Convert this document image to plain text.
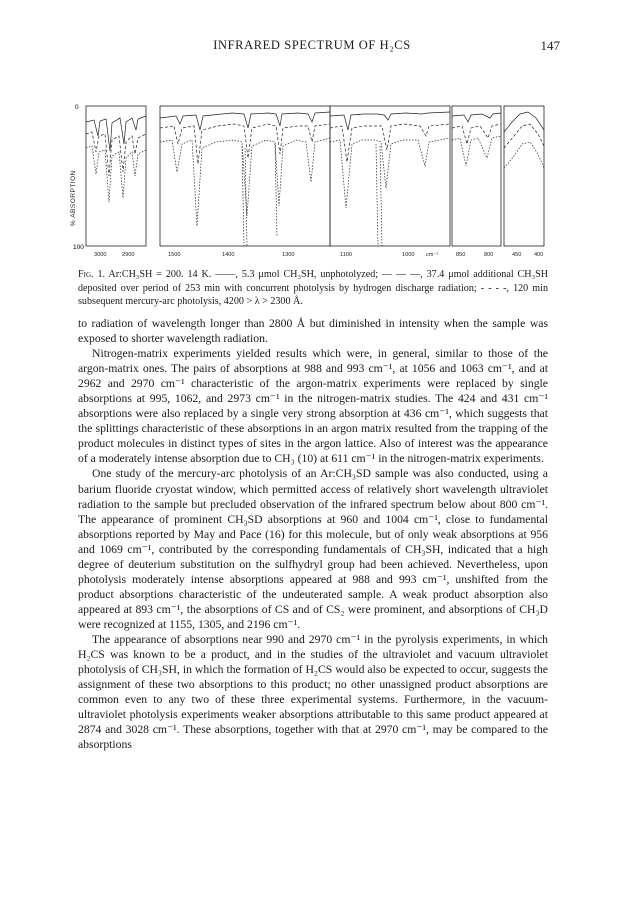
INFRARED SPECTRUM OF H₂CS	147
0
100
3000	2900	1500	1400	1300	1100	1000 cm⁻¹	850	800	450 400
% ABSORPTION
Fig. 1. Ar:CH₃SH = 200. 14 K. ——, 5.3 μmol CH₃SH, unphotolyzed; — — —, 37.4 μmol additional CH₃SH deposited over period of 253 min with concurrent photolysis by hydrogen discharge radiation; - - - -, 120 min subsequent mercury-arc photolysis, 4200 > λ > 2300 Å.

to radiation of wavelength longer than 2800 Å but diminished in intensity when the sample was exposed to shorter wavelength radiation.

Nitrogen-matrix experiments yielded results which were, in general, similar to those of the argon-matrix ones. The pairs of absorptions at 988 and 993 cm⁻¹, at 1056 and 1063 cm⁻¹, and at 2962 and 2970 cm⁻¹ characteristic of the argon-matrix experiments were replaced by single absorptions at 995, 1062, and 2973 cm⁻¹ in the nitrogen-matrix studies. The 424 and 431 cm⁻¹ absorptions were also replaced by a single very strong absorption at 436 cm⁻¹, which suggests that the splittings characteristic of these absorptions in an argon matrix resulted from the trapping of the product molecules in distinct types of sites in the argon lattice. Also of interest was the appearance of a moderately intense absorption due to CH₃ (10) at 611 cm⁻¹ in the nitrogen-matrix experiments.

One study of the mercury-arc photolysis of an Ar:CH₃SD sample was also conducted, using a barium fluoride cryostat window, which permitted access of relatively short wavelength ultraviolet radiation to the sample but precluded observation of the infrared spectrum below about 800 cm⁻¹. The appearance of prominent CH₃SD absorptions at 960 and 1004 cm⁻¹, close to fundamental absorptions reported by May and Pace (16) for this molecule, but of only weak absorptions at 956 and 1069 cm⁻¹, contributed by the corresponding fundamentals of CH₃SH, indicated that a high degree of deuterium substitution on the sulfhydryl group had been achieved. Nevertheless, upon photolysis moderately intense absorptions appeared at 988 and 993 cm⁻¹, unshifted from the product absorptions characteristic of the undeuterated sample. A weak product absorption also appeared at 893 cm⁻¹, the absorptions of CS and of CS₂ were prominent, and absorptions of CH₃D were recognized at 1155, 1305, and 2196 cm⁻¹.

The appearance of absorptions near 990 and 2970 cm⁻¹ in the pyrolysis experiments, in which H₂CS was known to be a product, and in the studies of the ultraviolet and vacuum ultraviolet photolysis of CH₃SH, in which the formation of H₂CS would also be expected to occur, suggests the assignment of these two absorptions to this product; no other unassigned product absorptions are common even to any two of these three experimental systems. Furthermore, in the vacuum-ultraviolet photolysis experiments weaker absorptions attributable to this same product appeared at 2874 and 3028 cm⁻¹. These absorptions, together with that at 2970 cm⁻¹, may be compared to the absorptions
